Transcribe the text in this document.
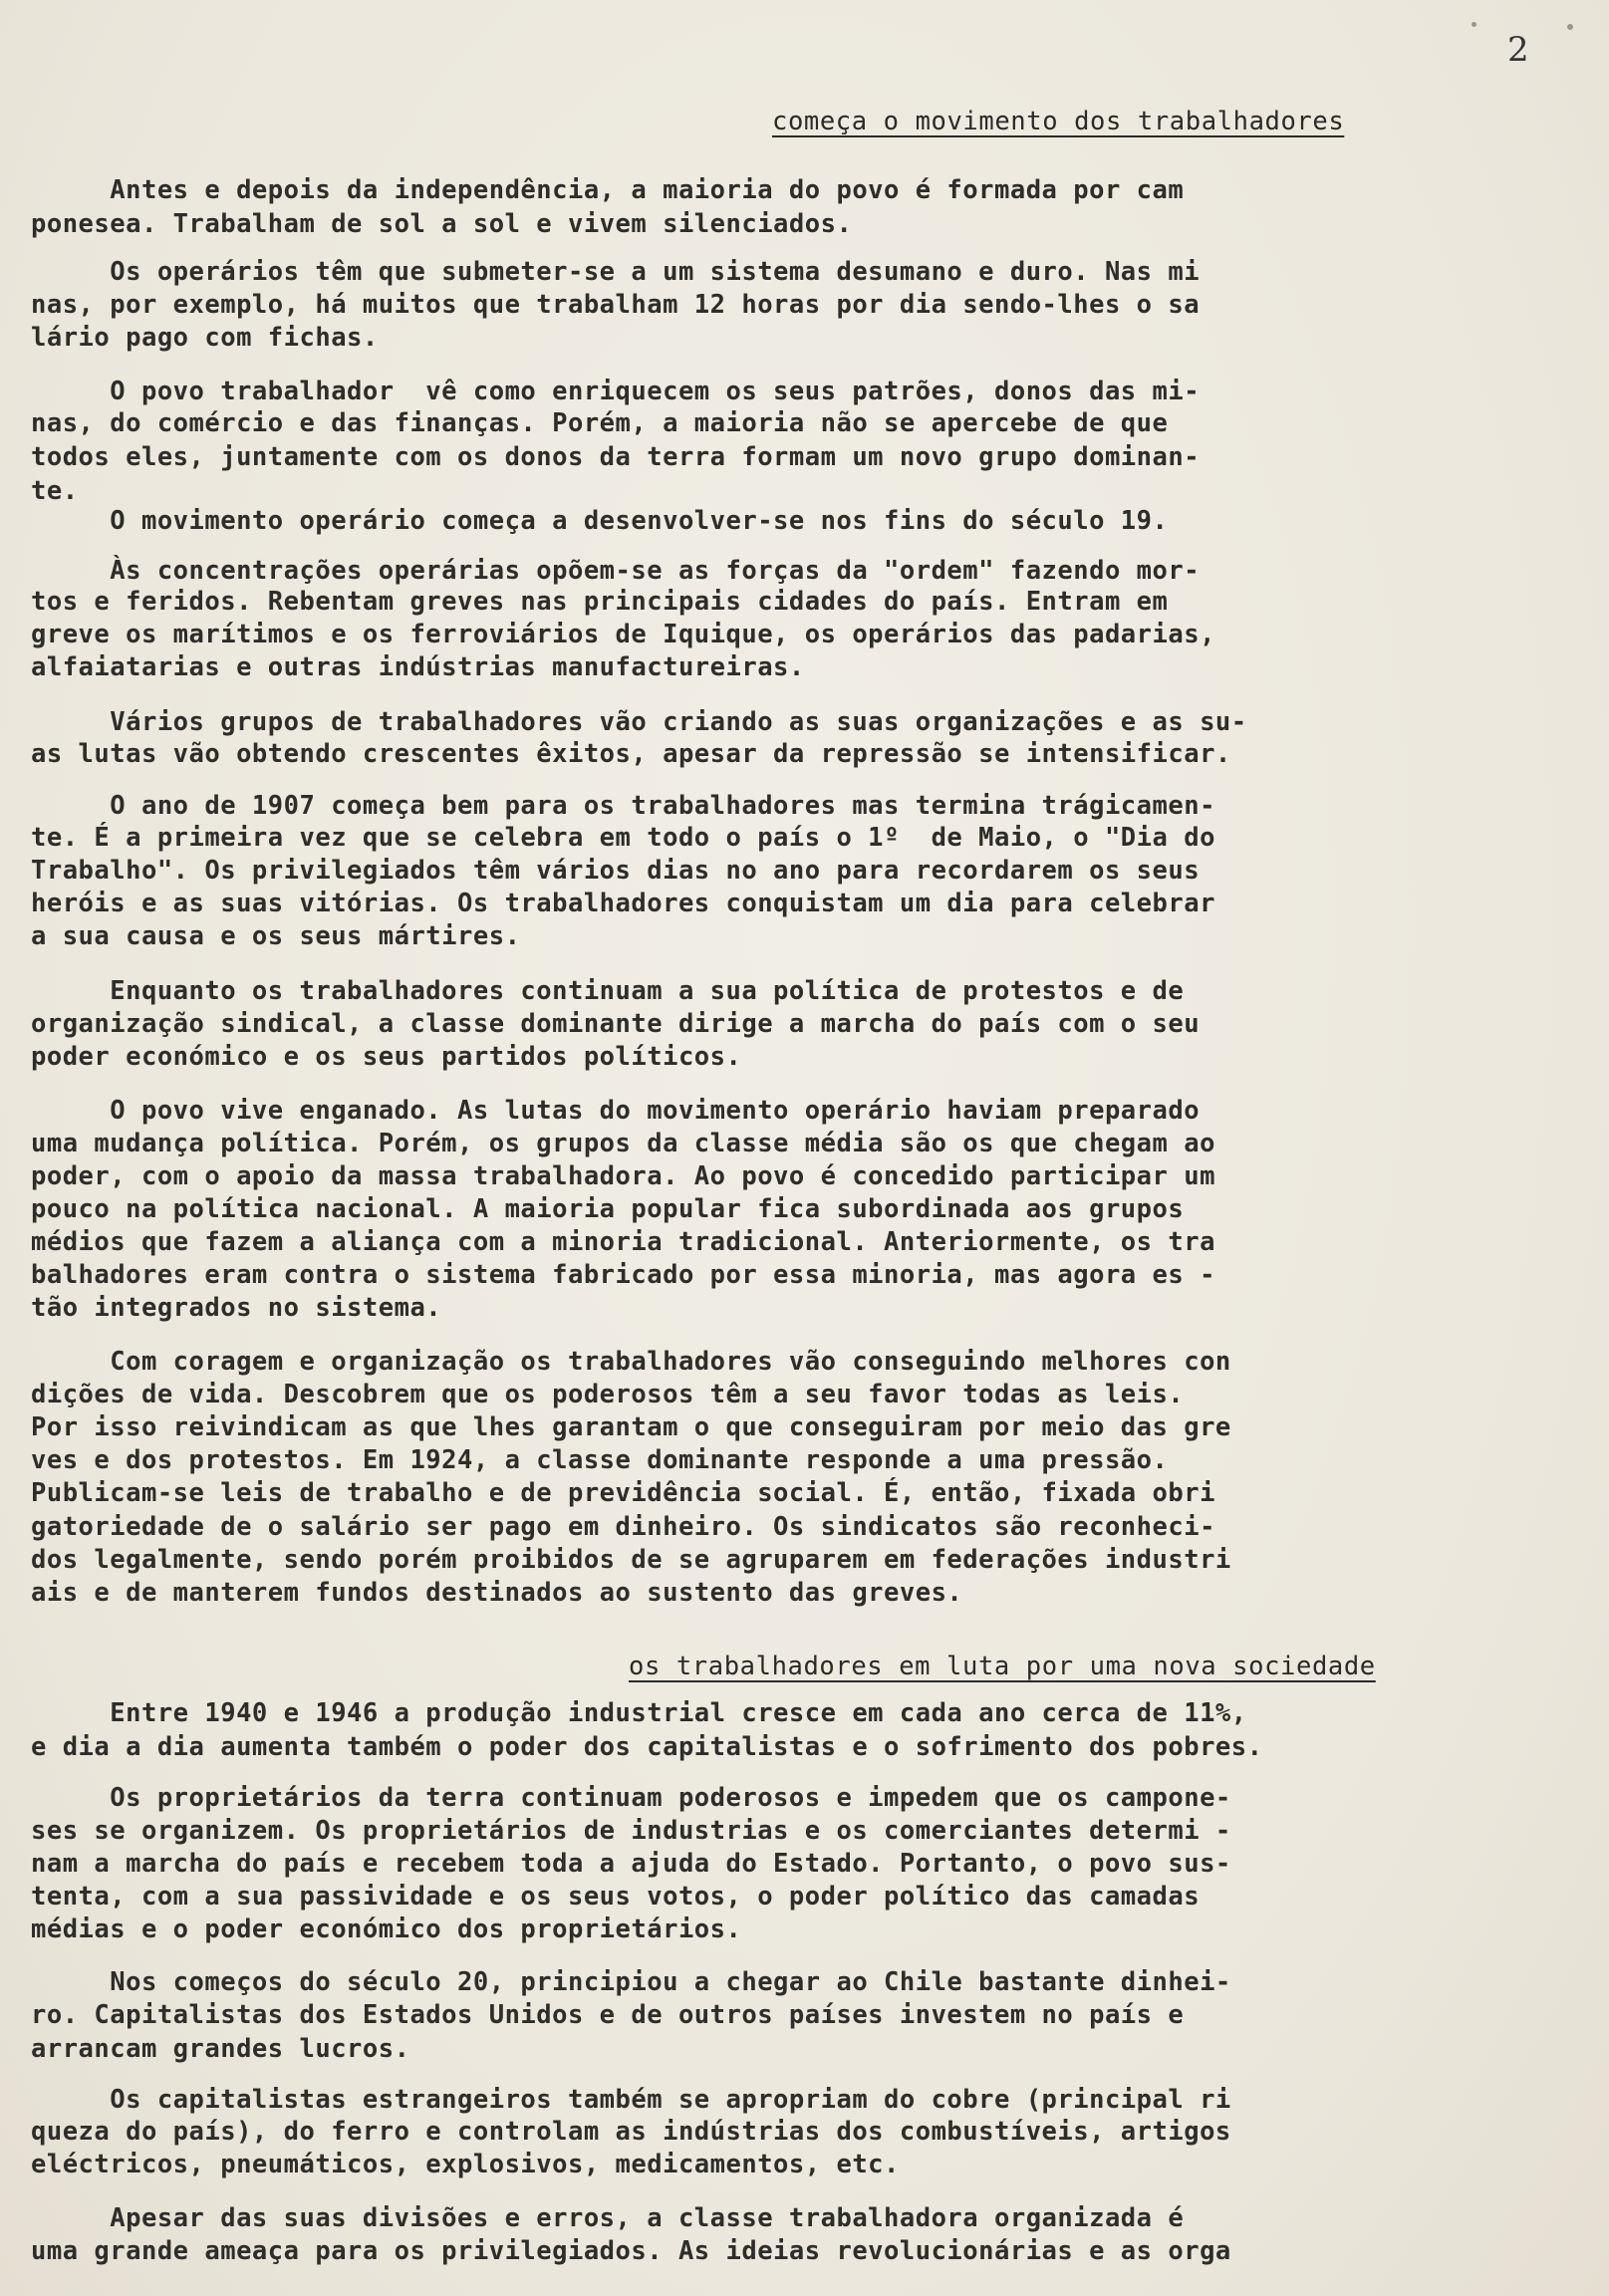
2
começa o movimento dos trabalhadores
os trabalhadores em luta por uma nova sociedade
Antes e depois da independência, a maioria do povo é formada por cam
ponesea. Trabalham de sol a sol e vivem silenciados.
Os operários têm que submeter-se a um sistema desumano e duro. Nas mi
nas, por exemplo, há muitos que trabalham 12 horas por dia sendo-lhes o sa
lário pago com fichas.
O povo trabalhador  vê como enriquecem os seus patrões, donos das mi-
nas, do comércio e das finanças. Porém, a maioria não se apercebe de que
todos eles, juntamente com os donos da terra formam um novo grupo dominan-
te.
O movimento operário começa a desenvolver-se nos fins do século 19.
Às concentrações operárias opõem-se as forças da "ordem" fazendo mor-
tos e feridos. Rebentam greves nas principais cidades do país. Entram em
greve os marítimos e os ferroviários de Iquique, os operários das padarias,
alfaiatarias e outras indústrias manufactureiras.
Vários grupos de trabalhadores vão criando as suas organizações e as su-
as lutas vão obtendo crescentes êxitos, apesar da repressão se intensificar.
O ano de 1907 começa bem para os trabalhadores mas termina trágicamen-
te. É a primeira vez que se celebra em todo o país o 1º  de Maio, o "Dia do
Trabalho". Os privilegiados têm vários dias no ano para recordarem os seus
heróis e as suas vitórias. Os trabalhadores conquistam um dia para celebrar
a sua causa e os seus mártires.
Enquanto os trabalhadores continuam a sua política de protestos e de
organização sindical, a classe dominante dirige a marcha do país com o seu
poder económico e os seus partidos políticos.
O povo vive enganado. As lutas do movimento operário haviam preparado
uma mudança política. Porém, os grupos da classe média são os que chegam ao
poder, com o apoio da massa trabalhadora. Ao povo é concedido participar um
pouco na política nacional. A maioria popular fica subordinada aos grupos
médios que fazem a aliança com a minoria tradicional. Anteriormente, os tra
balhadores eram contra o sistema fabricado por essa minoria, mas agora es -
tão integrados no sistema.
Com coragem e organização os trabalhadores vão conseguindo melhores con
dições de vida. Descobrem que os poderosos têm a seu favor todas as leis.
Por isso reivindicam as que lhes garantam o que conseguiram por meio das gre
ves e dos protestos. Em 1924, a classe dominante responde a uma pressão.
Publicam-se leis de trabalho e de previdência social. É, então, fixada obri
gatoriedade de o salário ser pago em dinheiro. Os sindicatos são reconheci-
dos legalmente, sendo porém proibidos de se agruparem em federações industri
ais e de manterem fundos destinados ao sustento das greves.
Entre 1940 e 1946 a produção industrial cresce em cada ano cerca de 11%,
e dia a dia aumenta também o poder dos capitalistas e o sofrimento dos pobres.
Os proprietários da terra continuam poderosos e impedem que os campone-
ses se organizem. Os proprietários de industrias e os comerciantes determi -
nam a marcha do país e recebem toda a ajuda do Estado. Portanto, o povo sus-
tenta, com a sua passividade e os seus votos, o poder político das camadas
médias e o poder económico dos proprietários.
Nos começos do século 20, principiou a chegar ao Chile bastante dinhei-
ro. Capitalistas dos Estados Unidos e de outros países investem no país e
arrancam grandes lucros.
Os capitalistas estrangeiros também se apropriam do cobre (principal ri
queza do país), do ferro e controlam as indústrias dos combustíveis, artigos
eléctricos, pneumáticos, explosivos, medicamentos, etc.
Apesar das suas divisões e erros, a classe trabalhadora organizada é
uma grande ameaça para os privilegiados. As ideias revolucionárias e as orga
